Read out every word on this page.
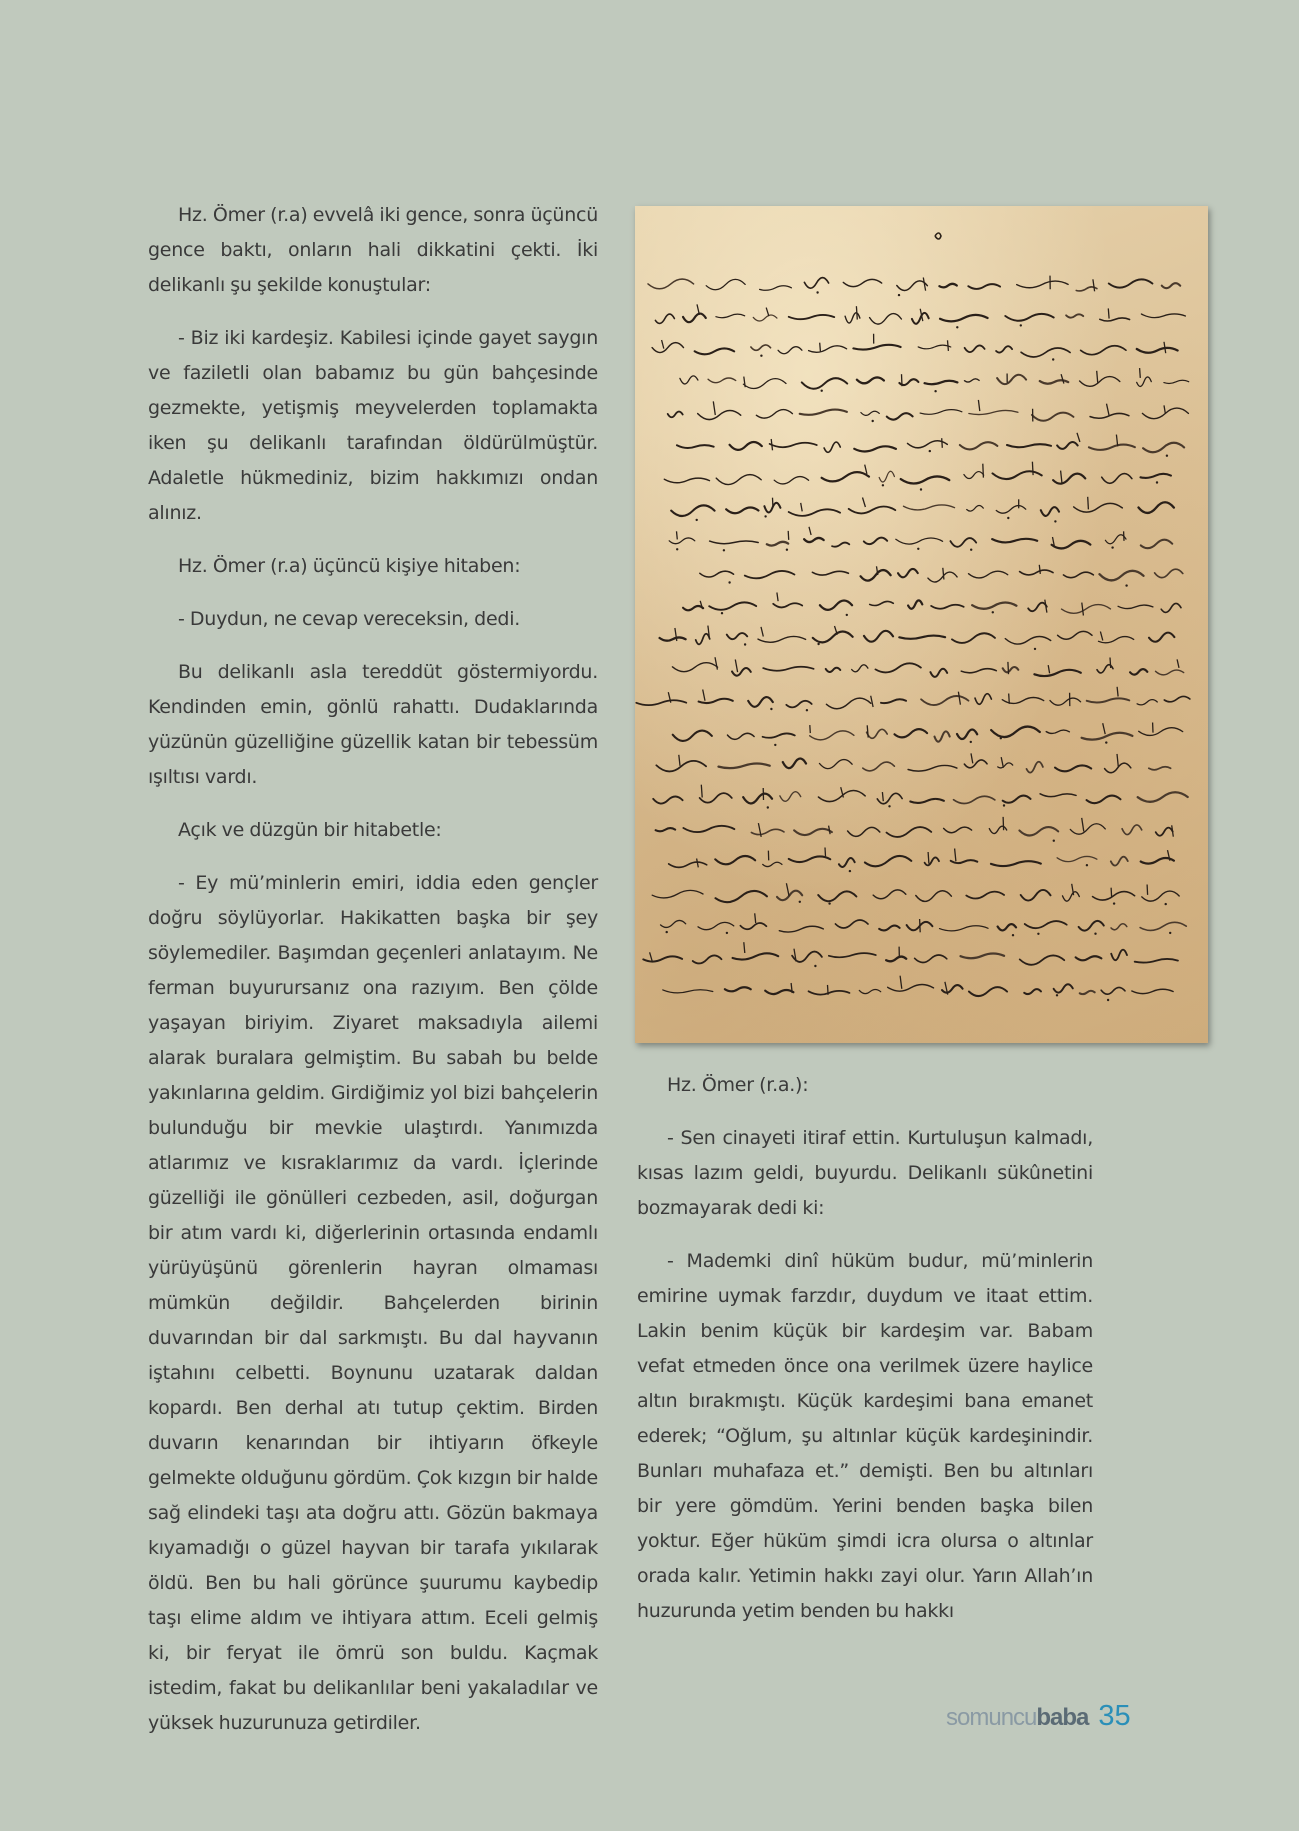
Hz. Ömer (r.a) evvelâ iki gence, sonra üçüncü gence baktı, onların hali dikkatini çekti. İki delikanlı şu şekilde konuştular:

- Biz iki kardeşiz. Kabilesi içinde gayet saygın ve faziletli olan babamız bu gün bahçesinde gezmekte, yetişmiş meyvelerden toplamakta iken şu delikanlı tarafından öldürülmüştür. Adaletle hükmediniz, bizim hakkımızı ondan alınız.

Hz. Ömer (r.a) üçüncü kişiye hitaben:

- Duydun, ne cevap vereceksin, dedi.

Bu delikanlı asla tereddüt göstermiyordu. Kendinden emin, gönlü rahattı. Dudaklarında yüzünün güzelliğine güzellik katan bir tebessüm ışıltısı vardı.

Açık ve düzgün bir hitabetle:

- Ey mü’minlerin emiri, iddia eden gençler doğru söylüyorlar. Hakikatten başka bir şey söylemediler. Başımdan geçenleri anlatayım. Ne ferman buyurursanız ona razıyım. Ben çölde yaşayan biriyim. Ziyaret maksadıyla ailemi alarak buralara gelmiştim. Bu sabah bu belde yakınlarına geldim. Girdiğimiz yol bizi bahçelerin bulunduğu bir mevkie ulaştırdı. Yanımızda atlarımız ve kısraklarımız da vardı. İçlerinde güzelliği ile gönülleri cezbeden, asil, doğurgan bir atım vardı ki, diğerlerinin ortasında endamlı yürüyüşünü görenlerin hayran olmaması mümkün değildir. Bahçelerden birinin duvarından bir dal sarkmıştı. Bu dal hayvanın iştahını celbetti. Boynunu uzatarak daldan kopardı. Ben derhal atı tutup çektim. Birden duvarın kenarından bir ihtiyarın öfkeyle gelmekte olduğunu gördüm. Çok kızgın bir halde sağ elindeki taşı ata doğru attı. Gözün bakmaya kıyamadığı o güzel hayvan bir tarafa yıkılarak öldü. Ben bu hali görünce şuurumu kaybedip taşı elime aldım ve ihtiyara attım. Eceli gelmiş ki, bir feryat ile ömrü son buldu. Kaçmak istedim, fakat bu delikanlılar beni yakaladılar ve yüksek huzurunuza getirdiler.

Hz. Ömer (r.a.):

- Sen cinayeti itiraf ettin. Kurtuluşun kalmadı, kısas lazım geldi, buyurdu. Delikanlı sükûnetini bozmayarak dedi ki:

- Mademki dinî hüküm budur, mü’minlerin emirine uymak farzdır, duydum ve itaat ettim. Lakin benim küçük bir kardeşim var. Babam vefat etmeden önce ona verilmek üzere haylice altın bırakmıştı. Küçük kardeşimi bana emanet ederek; “Oğlum, şu altınlar küçük kardeşinindir. Bunları muhafaza et.” demişti. Ben bu altınları bir yere gömdüm. Yerini benden başka bilen yoktur. Eğer hüküm şimdi icra olursa o altınlar orada kalır. Yetimin hakkı zayi olur. Yarın Allah’ın huzurunda yetim benden bu hakkı

somuncu baba 35
